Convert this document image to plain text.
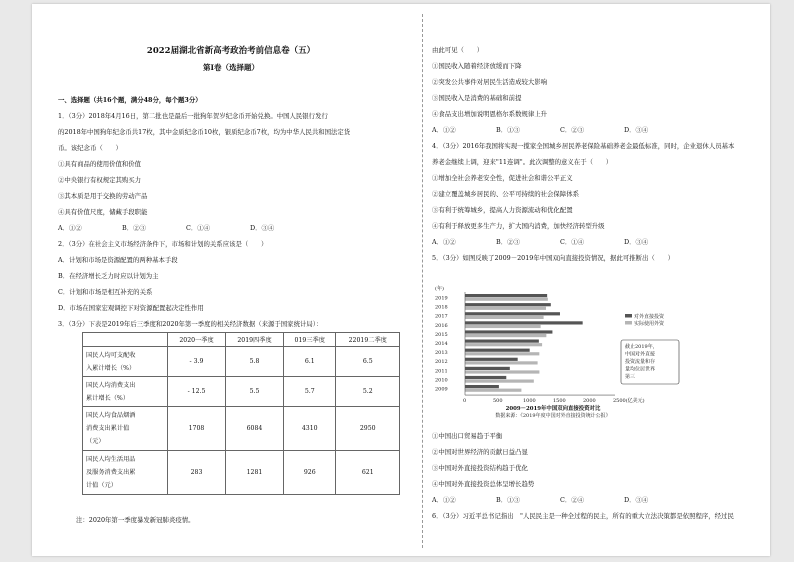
2022届湖北省新高考政治考前信息卷（五）
第Ⅰ卷（选择题）
一、选择题（共16个题，满分48分，每个题3分）
1．（3分）2018年4月16日，第二批也是最后一批狗年贺岁纪念币开始兑换。中国人民银行发行
的2018年中国狗年纪念币共17枚，其中金质纪念币10枚，银质纪念币7枚，均为中华人民共和国法定货
币。该纪念币（　　）
①具有商品的使用价值和价值
②中央银行有权规定其购买力
③其本质是用于交换的劳动产品
④具有价值尺度，储藏手段职能
A．①②	B．②③	C．①④	D．③④
2．（3分）在社会主义市场经济条件下，市场和计划的关系应该是（　　）
A．计划和市场是资源配置的两种基本手段
B．在经济增长乏力时应以计划为主
C．计划和市场是相互补充的关系
D．市场在国家宏观调控下对资源配置起决定性作用
3．（3分）下表是2019年后三季度和2020年第一季度的相关经济数据（来源于国家统计局）：
	2020一季度	2019四季度	019三季度	22019二季度

国民人均可支配收
入累计增长（%）	- 3.9	5.8	6.1	6.5

国民人均消费支出
累计增长（%）	- 12.5	5.5	5.7	5.2

国民人均食品烟酒
消费支出累计值
（元）	1708	6084	4310	2950

国民人均生活用品
及服务消费支出累
计值（元）	283	1281	926	621
注：2020年第一季度暴发新冠肺炎疫情。
由此可见（　　）
①国民收入随着经济放缓而下降
②突发公共事件对居民生活造成较大影响
③国民收入是消费的基础和前提
④食品支出增加说明恩格尔系数规律上升
A．①②	B．①③	C．②③	D．③④
4．（3分）2016年我国将实现一揽家全国城乡居民养老保险基础养老金最低标准，同时，企业退休人员基本
养老金继续上调，迎来"11连调"。此次调整的意义在于（　　）
①增加全社会养老安全性，促进社会和谐公平正义
②建立覆盖城乡居民的、公平可持续的社会保障体系
③有利于统筹城乡，提高人力资源流动和优化配置
④有利于释放更多生产力，扩大国内消费，加快经济转型升级
A．①②	B．②③	C．①④	D．③④
5．（3分）如图反映了2009－2019年中国双向直接投资情况，据此可推断出（　　）
(年)
2019
2018
2017
2016
2015
2014
2013
2012
2011
2010
2009
0	500	1000	1500	2000	2500(亿美元)
对外直接投资
实际使用外资
截止2019年，
中国对外直接
投资流量和存
量均位居世界
第三
2009－2019年中国双向直接投资对比
数据来源：《2019年度中国对外直接投资统计公报》
①中国出口贸易趋于平衡
②中国对世界经济的贡献日益凸显
③中国对外直接投资结构趋于优化
④中国对外直接投资总体呈增长趋势
A．①②	B．①③	C．②④	D．③④
6．（3分）习近平总书记指出　"人民民主是一种全过程的民主，所有的重大立法决策都是依照程序，经过民
